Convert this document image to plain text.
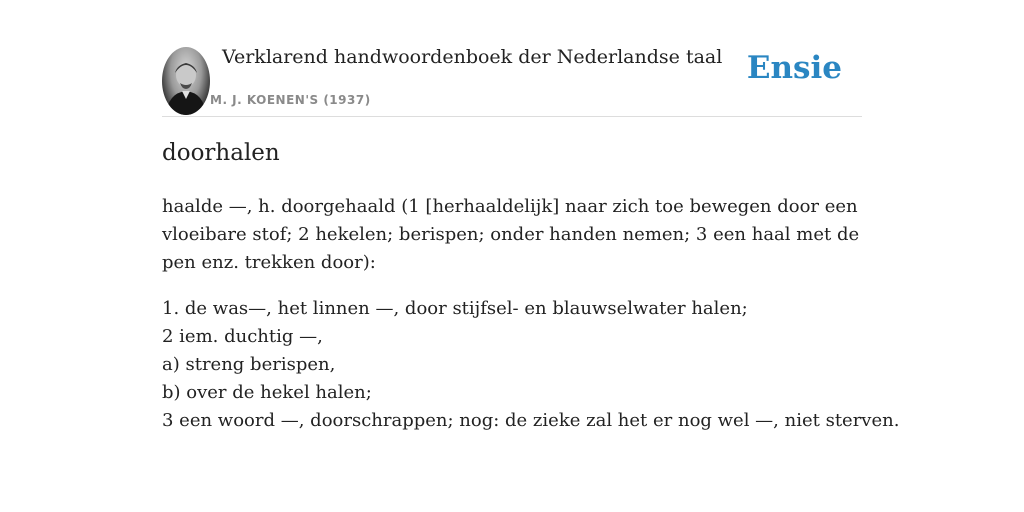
Verklarend handwoordenboek der Nederlandse taal
M. J. KOENEN'S (1937)
Ensie
doorhalen
haalde —, h. doorgehaald (1 [herhaaldelijk] naar zich toe bewegen door een vloeibare stof; 2 hekelen; berispen; onder handen nemen; 3 een haal met de pen enz. trekken door):
1. de was—, het linnen —, door stijfsel- en blauwselwater halen;
2 iem. duchtig —,
a) streng berispen,
b) over de hekel halen;
3 een woord —, doorschrappen; nog: de zieke zal het er nog wel —, niet sterven.
